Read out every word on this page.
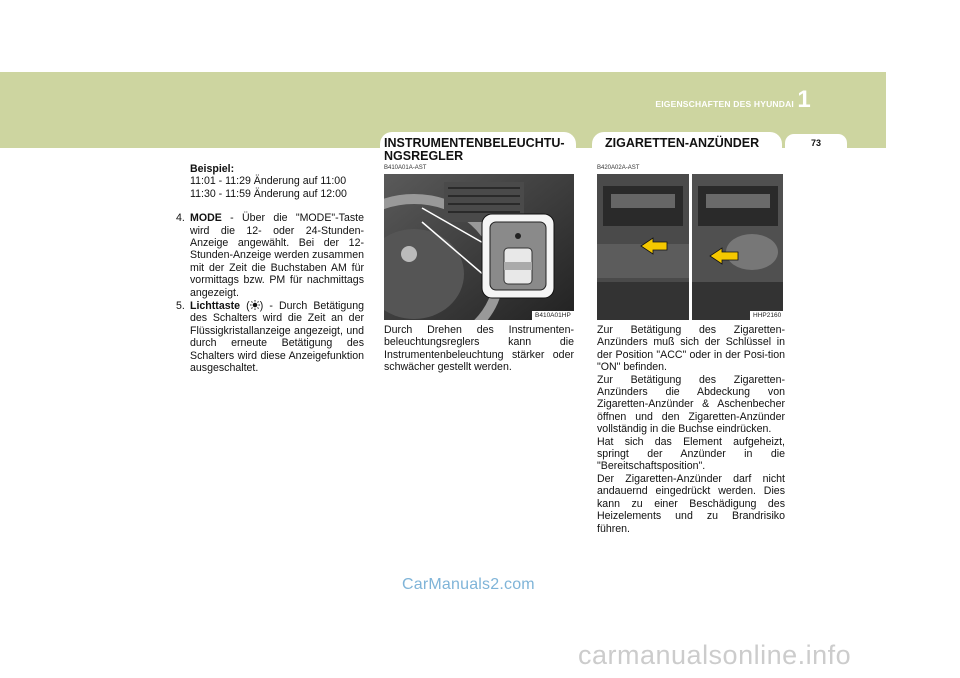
EIGENSCHAFTEN DES HYUNDAI 1
73
INSTRUMENTENBELEUCHTU-NGSREGLER
ZIGARETTEN-ANZÜNDER

Beispiel:

11:01 - 11:29 Änderung auf 11:00

11:30 - 11:59 Änderung auf 12:00

4. MODE - Über die "MODE"-Taste wird die 12- oder 24-Stunden-Anzeige angewählt. Bei der 12-Stunden-Anzeige werden zusammen mit der Zeit die Buchstaben AM für vormittags bzw. PM für nachmittags angezeigt.

5. Lichttaste ( ) - Durch Betätigung des Schalters wird die Zeit an der Flüssigkristallanzeige angezeigt, und durch erneute Betätigung des Schalters wird diese Anzeigefunktion ausgeschaltet.

B410A01A-AST
B410A01HP
Durch Drehen des Instrumenten-beleuchtungsreglers kann die Instrumentenbeleuchtung stärker oder schwächer gestellt werden.
B420A02A-AST
HHP2160

Zur Betätigung des Zigaretten-Anzünders muß sich der Schlüssel in der Position "ACC" oder in der Posi-tion "ON" befinden.

Zur Betätigung des Zigaretten-Anzünders die Abdeckung von Zigaretten-Anzünder & Aschenbecher öffnen und den Zigaretten-Anzünder vollständig in die Buchse eindrücken.

Hat sich das Element aufgeheizt, springt der Anzünder in die "Bereitschaftsposition".

Der Zigaretten-Anzünder darf nicht andauernd eingedrückt werden. Dies kann zu einer Beschädigung des Heizelements und zu Brandrisiko führen.

CarManuals2.com
carmanualsonline.info
